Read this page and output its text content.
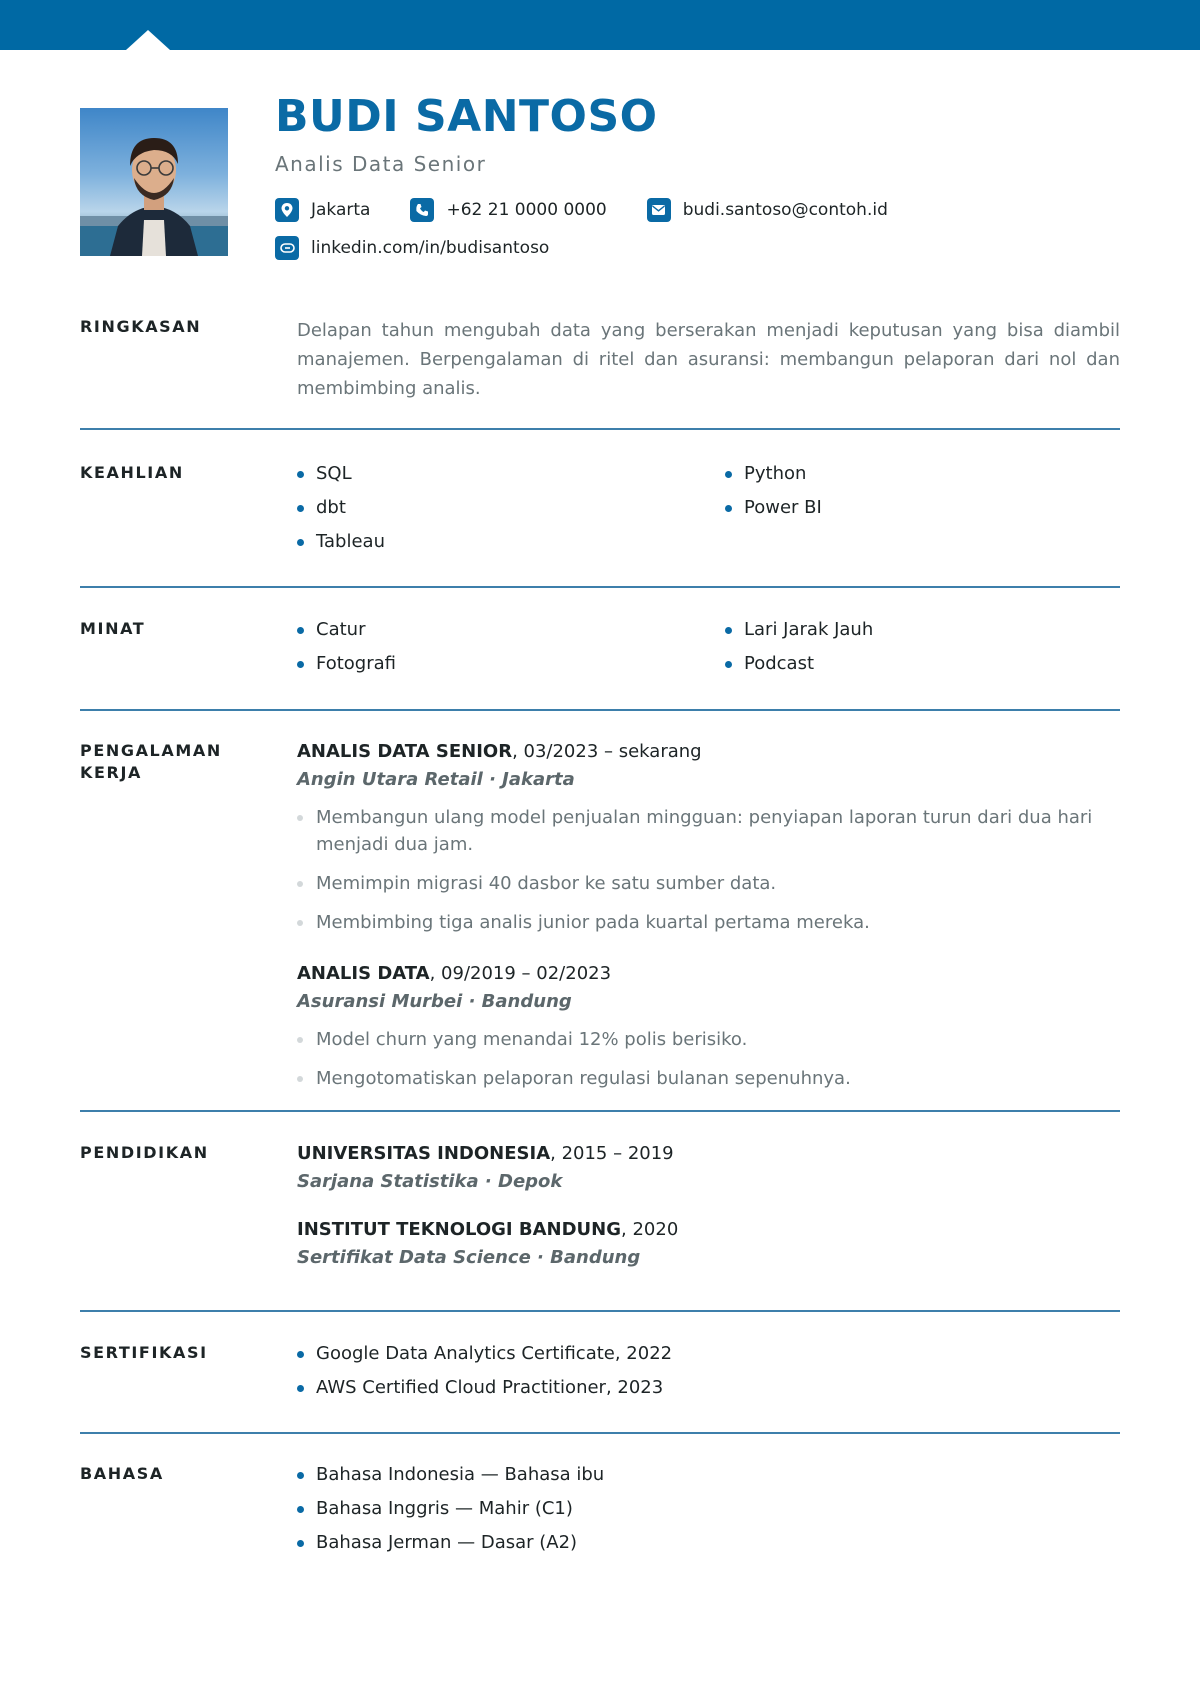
BUDI SANTOSO
Analis Data Senior
Jakarta	+62 21 0000 0000	budi.santoso@contoh.id
linkedin.com/in/budisantoso
RINGKASAN	Delapan tahun mengubah data yang berserakan menjadi keputusan yang bisa diambil manajemen. Berpengalaman di ritel dan asuransi: membangun pelaporan dari nol dan membimbing analis.

KEAHLIAN	SQL	Python
dbt	Power BI
Tableau
MINAT	Catur	Lari Jarak Jauh
Fotografi	Podcast
PENGALAMAN KERJA
ANALIS DATA SENIOR, 03/2023 – sekarang
Angin Utara Retail · Jakarta
Membangun ulang model penjualan mingguan: penyiapan laporan turun dari dua hari menjadi dua jam.
Memimpin migrasi 40 dasbor ke satu sumber data.
Membimbing tiga analis junior pada kuartal pertama mereka.
ANALIS DATA, 09/2019 – 02/2023
Asuransi Murbei · Bandung
Model churn yang menandai 12% polis berisiko.
Mengotomatiskan pelaporan regulasi bulanan sepenuhnya.
PENDIDIKAN	UNIVERSITAS INDONESIA, 2015 – 2019
Sarjana Statistika · Depok
INSTITUT TEKNOLOGI BANDUNG, 2020
Sertifikat Data Science · Bandung
SERTIFIKASI	Google Data Analytics Certificate, 2022
AWS Certified Cloud Practitioner, 2023
BAHASA	Bahasa Indonesia — Bahasa ibu
Bahasa Inggris — Mahir (C1)
Bahasa Jerman — Dasar (A2)
